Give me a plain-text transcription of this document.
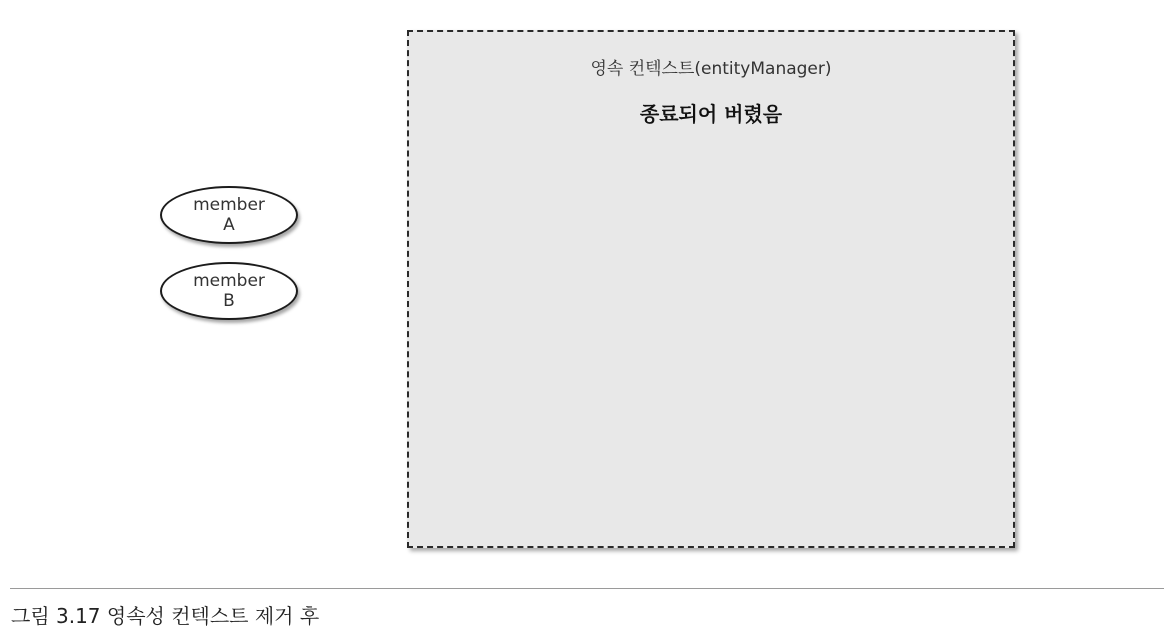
member
A
member
B
영속 컨텍스트(entityManager)
종료되어 버렸음
그림 3.17 영속성 컨텍스트 제거 후
